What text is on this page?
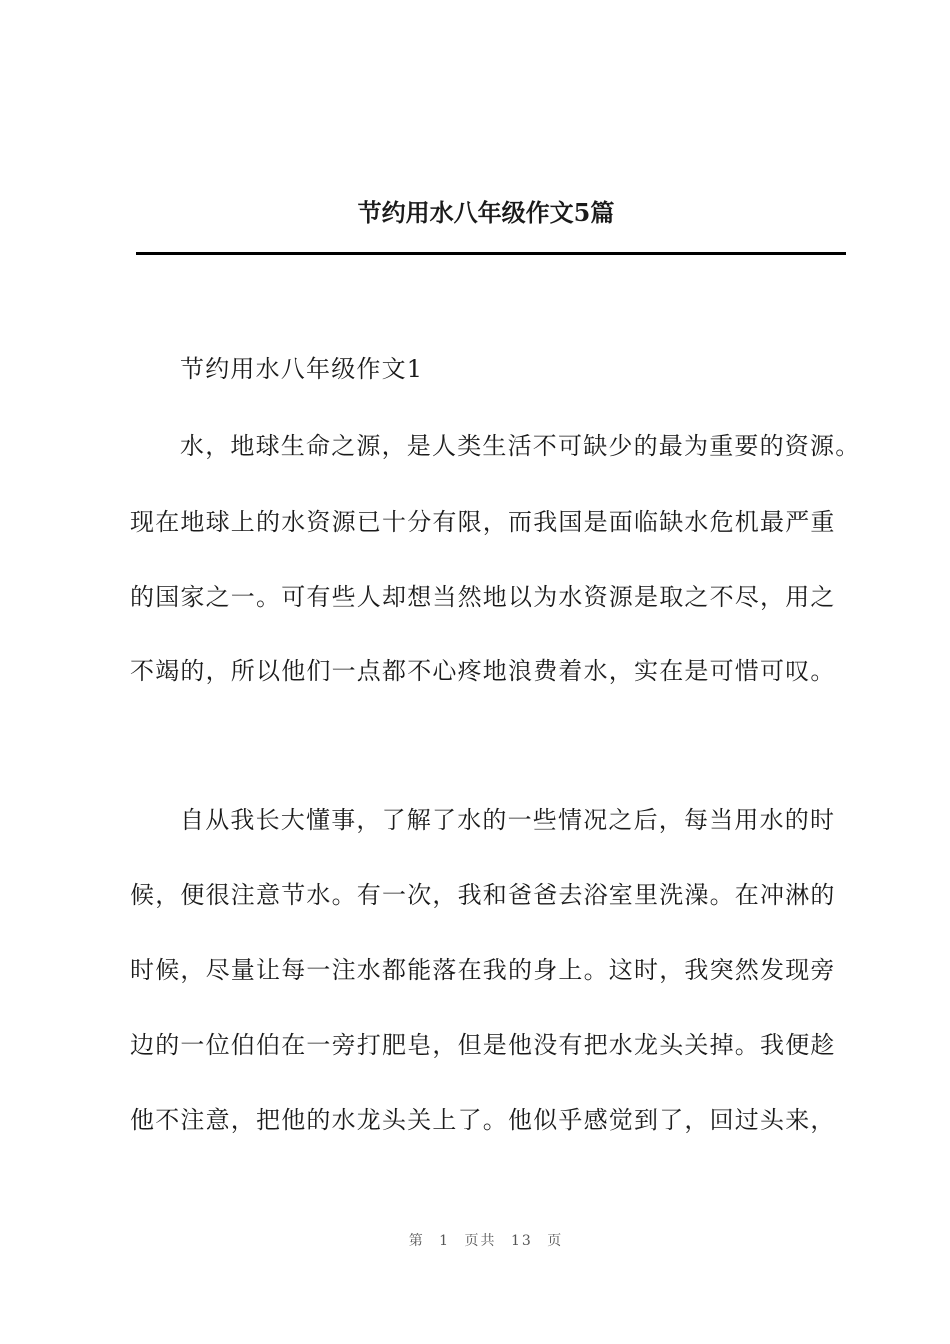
节约用水八年级作文5篇
节约用水八年级作文1
水，地球生命之源，是人类生活不可缺少的最为重要的资源。
现在地球上的水资源已十分有限，而我国是面临缺水危机最严重
的国家之一。可有些人却想当然地以为水资源是取之不尽，用之
不竭的，所以他们一点都不心疼地浪费着水，实在是可惜可叹。
自从我长大懂事，了解了水的一些情况之后，每当用水的时
候，便很注意节水。有一次，我和爸爸去浴室里洗澡。在冲淋的
时候，尽量让每一注水都能落在我的身上。这时，我突然发现旁
边的一位伯伯在一旁打肥皂，但是他没有把水龙头关掉。我便趁
他不注意，把他的水龙头关上了。他似乎感觉到了，回过头来，
第 1 页共 13 页
